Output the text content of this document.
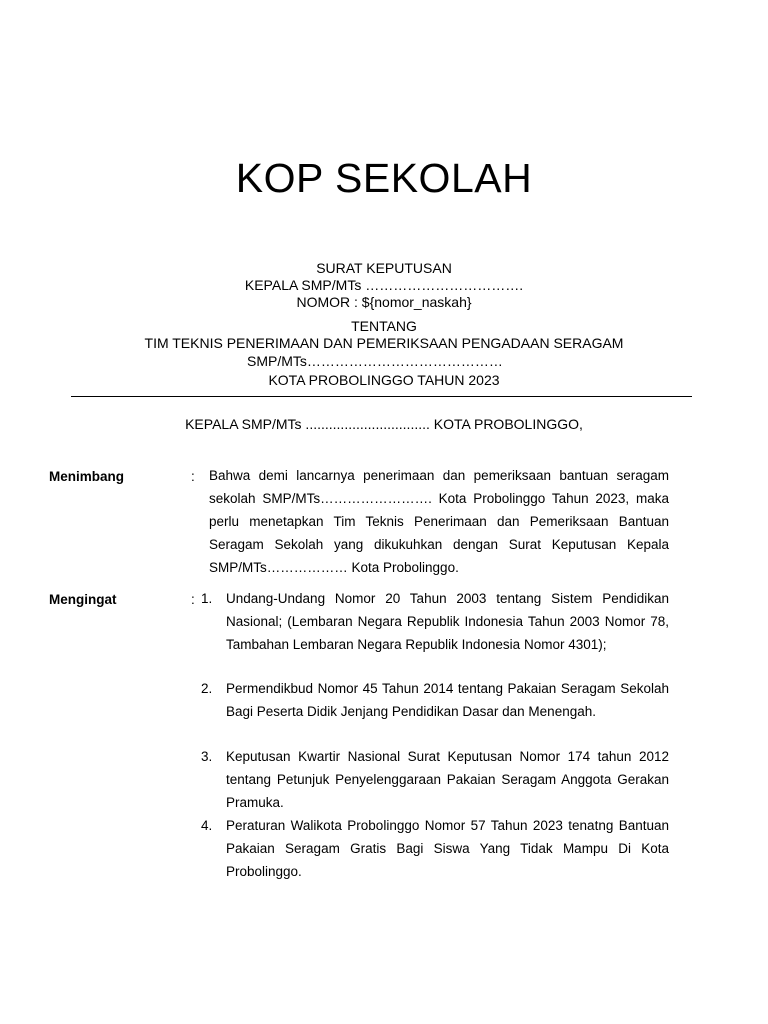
KOP SEKOLAH
SURAT KEPUTUSAN
KEPALA SMP/MTs …………………………….
NOMOR : ${nomor_naskah}
TENTANG
TIM TEKNIS PENERIMAAN DAN PEMERIKSAAN PENGADAAN SERAGAM
SMP/MTs……………………………………
KOTA PROBOLINGGO TAHUN 2023
KEPALA SMP/MTs ................................ KOTA PROBOLINGGO,
Menimbang	: Bahwa demi lancarnya penerimaan dan pemeriksaan bantuan seragam sekolah SMP/MTs……………………. Kota Probolinggo Tahun 2023, maka perlu menetapkan Tim Teknis Penerimaan dan Pemeriksaan Bantuan Seragam Sekolah yang dikukuhkan dengan Surat Keputusan Kepala SMP/MTs……………… Kota Probolinggo.
Mengingat	: 1. Undang-Undang Nomor 20 Tahun 2003 tentang Sistem Pendidikan Nasional; (Lembaran Negara Republik Indonesia Tahun 2003 Nomor 78, Tambahan Lembaran Negara Republik Indonesia Nomor 4301);
2. Permendikbud Nomor 45 Tahun 2014 tentang Pakaian Seragam Sekolah Bagi Peserta Didik Jenjang Pendidikan Dasar dan Menengah.
3. Keputusan Kwartir Nasional Surat Keputusan Nomor 174 tahun 2012 tentang Petunjuk Penyelenggaraan Pakaian Seragam Anggota Gerakan Pramuka.
4. Peraturan Walikota Probolinggo Nomor 57 Tahun 2023 tenatng Bantuan Pakaian Seragam Gratis Bagi Siswa Yang Tidak Mampu Di Kota Probolinggo.
